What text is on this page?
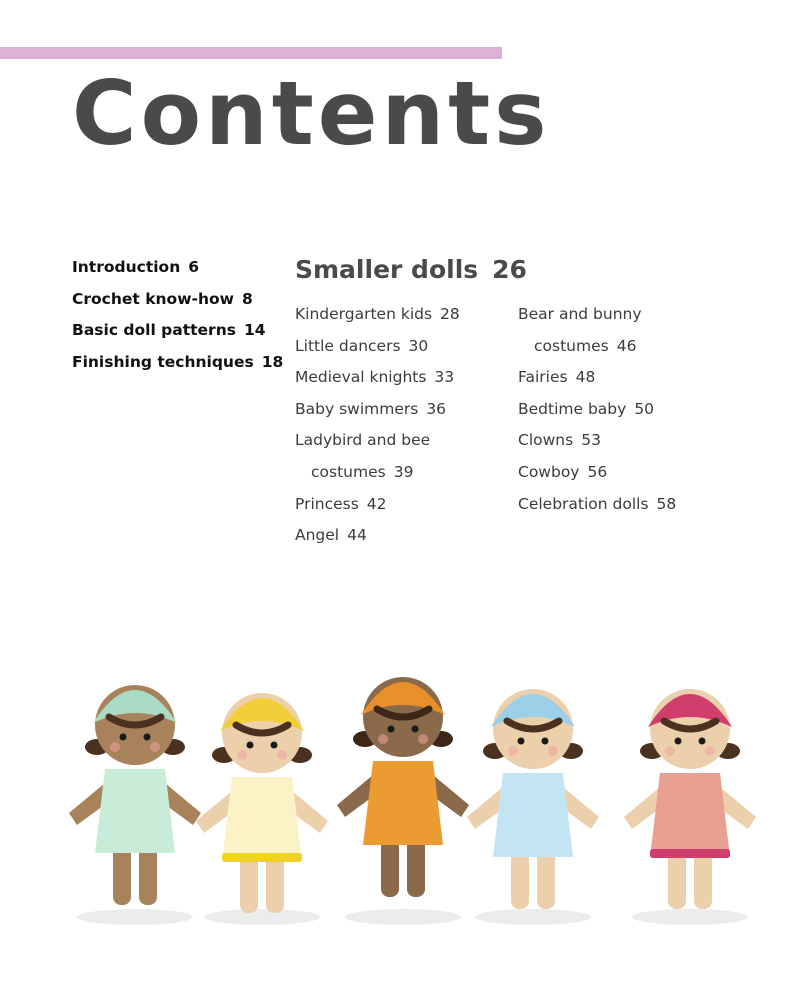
Contents
Introduction 6
Crochet know-how 8
Basic doll patterns 14
Finishing techniques 18
Smaller dolls 26
Kindergarten kids 28
Little dancers 30
Medieval knights 33
Baby swimmers 36
Ladybird and bee
costumes 39
Princess 42
Angel 44
Bear and bunny
costumes 46
Fairies 48
Bedtime baby 50
Clowns 53
Cowboy 56
Celebration dolls 58
